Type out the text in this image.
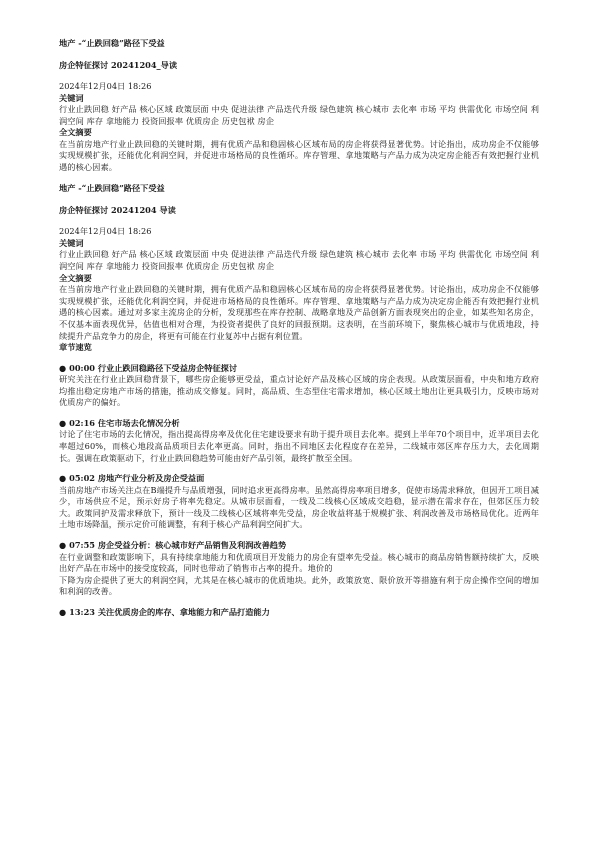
地产 -“止跌回稳”路径下受益

房企特征探讨 20241204_导读

2024年12月04日 18:26

关键词

行业止跌回稳 好产品 核心区域 政策层面 中央 促进法律 产品迭代升级 绿色建筑 核心城市 去化率 市场 平均 供需优化 市场空间 利润空间 库存 拿地能力 投资回报率 优质房企 历史包袱 房企

全文摘要

在当前房地产行业止跌回稳的关键时期，拥有优质产品和稳固核心区域布局的房企将获得显著优势。讨论指出，成功房企不仅能够实现规模扩张，还能优化利润空间，并促进市场格局的良性循环。库存管理、拿地策略与产品力成为决定房企能否有效把握行业机遇的核心因素。

地产 -“止跌回稳”路径下受益

房企特征探讨 20241204 导读

2024年12月04日 18:26

关键词

行业止跌回稳 好产品 核心区域 政策层面 中央 促进法律 产品迭代升级 绿色建筑 核心城市 去化率 市场 平均 供需优化 市场空间 利润空间 库存 拿地能力 投资回报率 优质房企 历史包袱 房企

全文摘要

在当前房地产行业止跌回稳的关键时期，拥有优质产品和稳固核心区域布局的房企将获得显著优势。讨论指出，成功房企不仅能够实现规模扩张，还能优化利润空间，并促进市场格局的良性循环。库存管理、拿地策略与产品力成为决定房企能否有效把握行业机遇的核心因素。通过对多家主流房企的分析，发现那些在库存控制、战略拿地及产品创新方面表现突出的企业，如某些知名房企，不仅基本面表现优异，估值也相对合理，为投资者提供了良好的回报预期。这表明，在当前环境下，聚焦核心城市与优质地段，持续提升产品竞争力的房企，将更有可能在行业复苏中占据有利位置。

章节速览

● 00:00 行业止跌回稳路径下受益房企特征探讨

研究关注在行业止跌回稳背景下，哪些房企能够更受益，重点讨论好产品及核心区域的房企表现。从政策层面看，中央和地方政府均推出稳定房地产市场的措施，推动成交修复。同时，高品质、生态型住宅需求增加，核心区域土地出让更具吸引力，反映市场对优质房产的偏好。

● 02:16 住宅市场去化情况分析

讨论了住宅市场的去化情况，指出提高得房率及优化住宅建设要求有助于提升项目去化率。提到上半年70个项目中，近半项目去化率超过60%，而核心地段高品质项目去化率更高。同时，指出不同地区去化程度存在差异，二线城市郊区库存压力大，去化周期长。强调在政策驱动下，行业止跌回稳趋势可能由好产品引领，最终扩散至全国。

● 05:02 房地产行业分析及房企受益面

当前房地产市场关注点在B端提升与品质增强，同时追求更高得房率。虽然高得房率项目增多，促使市场需求释放，但因开工项目减少，市场供应不足，预示好房子将率先稳定。从城市层面看，一线及二线核心区域成交趋稳，显示潜在需求存在，但郊区压力较大。政策同护及需求释放下，预计一线及二线核心区域将率先受益，房企收益将基于规模扩张、利润改善及市场格局优化。近两年土地市场降温，预示定价可能调整，有利于核心产品利润空间扩大。

● 07:55 房企受益分析：核心城市好产品销售及利润改善趋势

在行业调整和政策影响下，具有持续拿地能力和优质项目开发能力的房企有望率先受益。核心城市的商品房销售额持续扩大，反映出好产品在市场中的接受度较高，同时也带动了销售市占率的提升。地价的

下降为房企提供了更大的利润空间，尤其是在核心城市的优质地块。此外，政策放宽、限价放开等措施有利于房企操作空间的增加和利润的改善。

● 13:23 关注优质房企的库存、拿地能力和产品打造能力
